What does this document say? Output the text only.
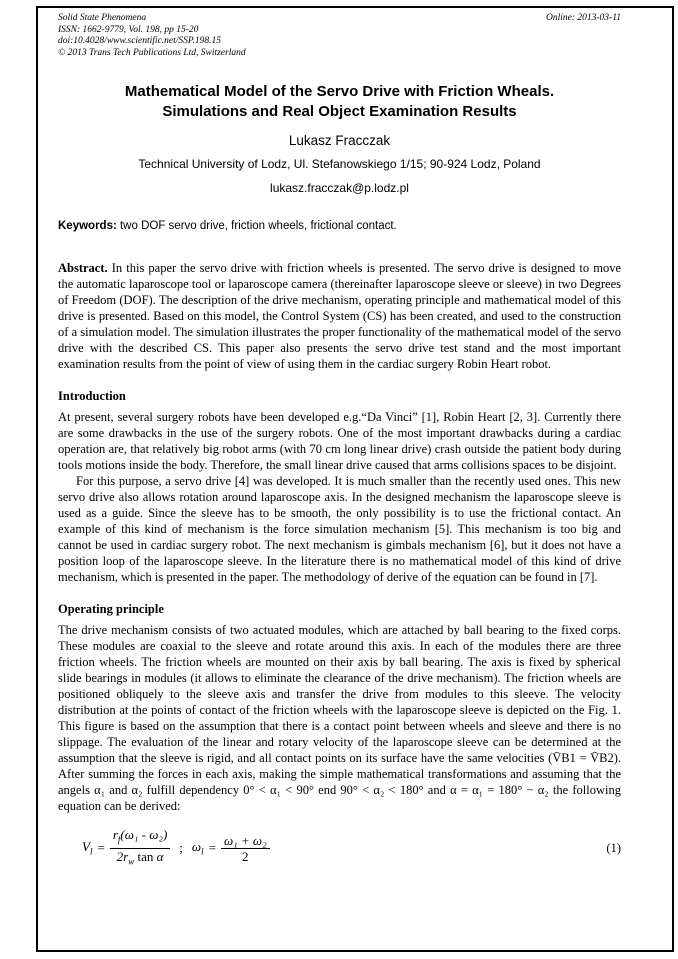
Solid State Phenomena
ISSN: 1662-9779, Vol. 198, pp 15-20
doi:10.4028/www.scientific.net/SSP.198.15
© 2013 Trans Tech Publications Ltd, Switzerland
Online: 2013-03-11
Mathematical Model of the Servo Drive with Friction Wheals.
Simulations and Real Object Examination Results
Lukasz Fracczak
Technical University of Lodz, Ul. Stefanowskiego 1/15; 90-924 Lodz, Poland
lukasz.fracczak@p.lodz.pl

Keywords: two DOF servo drive, friction wheels, frictional contact.

Abstract. In this paper the servo drive with friction wheels is presented. The servo drive is designed to move the automatic laparoscope tool or laparoscope camera (thereinafter laparoscope sleeve or sleeve) in two Degrees of Freedom (DOF). The description of the drive mechanism, operating principle and mathematical model of this drive is presented. Based on this model, the Control System (CS) has been created, and used to the construction of a simulation model. The simulation illustrates the proper functionality of the mathematical model of the servo drive with the described CS. This paper also presents the servo drive test stand and the most important examination results from the point of view of using them in the cardiac surgery Robin Heart robot.

Introduction

At present, several surgery robots have been developed e.g.“Da Vinci” [1], Robin Heart [2, 3]. Currently there are some drawbacks in the use of the surgery robots. One of the most important drawbacks during a cardiac operation are, that relatively big robot arms (with 70 cm long linear drive) crash outside the patient body during tools motions inside the body. Therefore, the small linear drive caused that arms collisions spaces to be disjoint.

For this purpose, a servo drive [4] was developed. It is much smaller than the recently used ones. This new servo drive also allows rotation around laparoscope axis. In the designed mechanism the laparoscope sleeve is used as a guide. Since the sleeve has to be smooth, the only possibility is to use the frictional contact. An example of this kind of mechanism is the force simulation mechanism [5]. This mechanism is too big and cannot be used in cardiac surgery robot. The next mechanism is gimbals mechanism [6], but it does not have a position loop of the laparoscope sleeve. In the literature there is no mathematical model of this kind of drive mechanism, which is presented in the paper. The methodology of derive of the equation can be found in [7].

Operating principle

The drive mechanism consists of two actuated modules, which are attached by ball bearing to the fixed corps. These modules are coaxial to the sleeve and rotate around this axis. In each of the modules there are three friction wheels. The friction wheels are mounted on their axis by ball bearing. The axis is fixed by spherical slide bearings in modules (it allows to eliminate the clearance of the drive mechanism). The friction wheels are positioned obliquely to the sleeve axis and transfer the drive from modules to this sleeve. The velocity distribution at the points of contact of the friction wheels with the laparoscope sleeve is depicted on the Fig. 1. This figure is based on the assumption that there is a contact point between wheels and sleeve and there is no slippage. The evaluation of the linear and rotary velocity of the laparoscope sleeve can be determined at the assumption that the sleeve is rigid, and all contact points on its surface have the same velocities (V̄B1 = V̄B2). After summing the forces in each axis, making the simple mathematical transformations and assuming that the angels α₁ and α₂ fulfill dependency 0° < α₁ < 90° end 90° < α₂ < 180° and α = α₁ = 180° − α₂ the following equation can be derived:

$V_l = \frac{r_f(\omega_1 - \omega_2)}{2r_w \tan \alpha}$ ; $\omega_l = \frac{\text{ω₁ + ω₂}}{2}$	(1)
